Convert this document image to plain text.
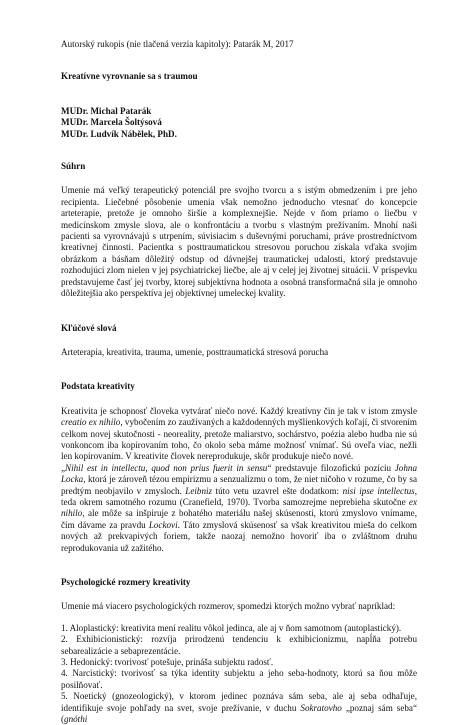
Autorský rukopis (nie tlačená verzia kapitoly): Patarák M, 2017

Kreatívne vyrovnanie sa s traumou

MUDr. Michal Patarák
MUDr. Marcela Šoltýsová
MUDr. Ludvík Nábělek, PhD.
Súhrn

Umenie má veľký terapeutický potenciál pre svojho tvorcu a s istým obmedzením i pre jeho recipienta. Liečebné pôsobenie umenia však nemožno jednoducho vtesnať do koncepcie arteterapie, pretože je omnoho širšie a komplexnejšie. Nejde v ňom priamo o liečbu v medicínskom zmysle slova, ale o konfrontáciu a tvorbu s vlastným prežívaním. Mnohí naši pacienti sa vyrovnávajú s utrpením, súvisiacim s duševnými poruchami, práve prostredníctvom kreatívnej činnosti. Pacientka s posttraumatickou stresovou poruchou získala vďaka svojim obrázkom a básňam dôležitý odstup od dávnejšej traumatickej udalosti, ktorý predstavuje rozhodujúci zlom nielen v jej psychiatrickej liečbe, ale aj v celej jej životnej situácii. V príspevku predstavujeme časť jej tvorby, ktorej subjektívna hodnota a osobná transformačná sila je omnoho dôležitejšia ako perspektíva jej objektívnej umeleckej kvality.

Kľúčové slová

Arteterapia, kreativita, trauma, umenie, posttraumatická stresová porucha

Podstata kreativity

Kreativita je schopnosť človeka vytvárať niečo nové. Každý kreatívny čin je tak v istom zmysle creatio ex nihilo, vybočením zo zaužívaných a každodenných myšlienkových koľají, či stvorením celkom novej skutočnosti - neoreality, pretože maliarstvo, sochárstvo, poézia alebo hudba nie sú vonkoncom iba kopírovaním toho, čo okolo seba máme možnosť vnímať. Sú oveľa viac, nežli len kopírovaním. V kreativite človek nereprodukuje, skôr produkuje niečo nové.

„Nihil est in intellectu, quod non prius fuerit in sensu“ predstavuje filozofickú pozíciu Johna Locka, ktorá je zároveň tézou empirizmu a senzualizmu o tom, že niet ničoho v rozume, čo by sa predtým neobjavilo v zmysloch. Leibniz túto vetu uzavrel ešte dodatkom: nisi ipse intellectus, teda okrem samotného rozumu (Cranefield, 1970). Tvorba samozrejme neprebieha skutočne ex nihilo, ale môže sa inšpiruje z bohatého materiálu našej skúsenosti, ktorú zmyslovo vnímame, čím dávame za pravdu Lockovi. Táto zmyslová skúsenosť sa však kreativitou mieša do celkom nových až prekvapivých foriem, takže naozaj nemožno hovoriť iba o zvláštnom druhu reprodukovania už zažitého.

Psychologické rozmery kreativity

Umenie má viacero psychologických rozmerov, spomedzi ktorých možno vybrať napríklad:

1. Aloplastický: kreativita mení realitu vôkol jedinca, ale aj v ňom samotnom (autoplastický).

2. Exhibicionistický: rozvíja prirodzenú tendenciu k exhibicionizmu, napĺňa potrebu sebarealizácie a sebaprezentácie.

3. Hedonický: tvorivosť potešuje, prináša subjektu radosť.

4. Narcistický: tvorivosť sa týka identity subjektu a jeho seba-hodnoty, ktorú sa ňou môže posilňovať.

5. Noetický (gnozeologický), v ktorom jedinec poznáva sám seba, ale aj seba odhaľuje, identifikuje svoje pohľady na svet, svoje prežívanie, v duchu Sokratovho „poznaj sám seba“ (gnóthi
